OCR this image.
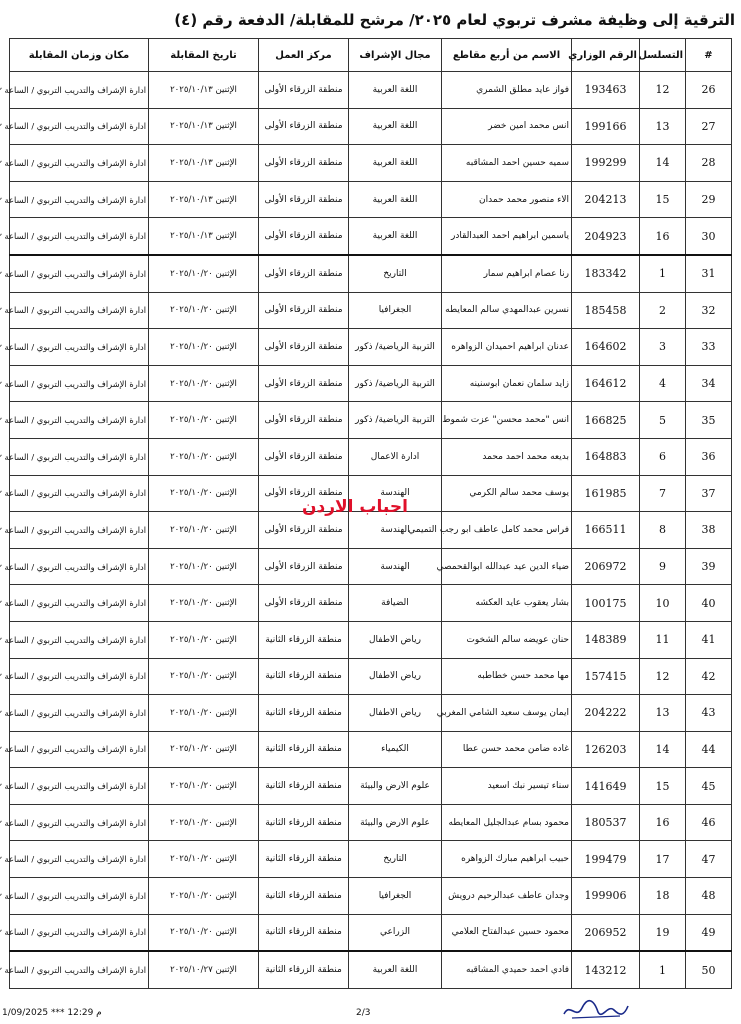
الترقية إلى وظيفة مشرف تربوي لعام ٢٠٢٥/ مرشح للمقابلة/ الدفعة رقم (٤)
#	التسلسل	الرقم الوزاري	الاسم من أربع مقاطع	مجال الإشراف	مركز العمل	تاريخ المقابلة	مكان وزمان المقابلة
26	12	193463	فواز عايد مطلق الشمري	اللغة العربية	منطقة الزرقاء الأولى	الإثنين ٢٠٢٥/١٠/١٣	ادارة الإشراف والتدريب التربوي / الساعة
27	13	199166	انس محمد امين خضر	اللغة العربية	منطقة الزرقاء الأولى	الإثنين ٢٠٢٥/١٠/١٣	ادارة الإشراف والتدريب التربوي / الساعة
28	14	199299	سميه حسين احمد المشاقبه	اللغة العربية	منطقة الزرقاء الأولى	الإثنين ٢٠٢٥/١٠/١٣	ادارة الإشراف والتدريب التربوي / الساعة
29	15	204213	الاء منصور محمد حمدان	اللغة العربية	منطقة الزرقاء الأولى	الإثنين ٢٠٢٥/١٠/١٣	ادارة الإشراف والتدريب التربوي / الساعة
30	16	204923	ياسمين ابراهيم احمد العبدالقادر	اللغة العربية	منطقة الزرقاء الأولى	الإثنين ٢٠٢٥/١٠/١٣	ادارة الإشراف والتدريب التربوي / الساعة
31	1	183342	رنا عصام ابراهيم سمار	التاريخ	منطقة الزرقاء الأولى	الإثنين ٢٠٢٥/١٠/٢٠	ادارة الإشراف والتدريب التربوي / الساعة
32	2	185458	نسرين عبدالمهدي سالم المعايطه	الجغرافيا	منطقة الزرقاء الأولى	الإثنين ٢٠٢٥/١٠/٢٠	ادارة الإشراف والتدريب التربوي / الساعة
33	3	164602	عدنان ابراهيم احميدان الزواهره	التربية الرياضية/ ذكور	منطقة الزرقاء الأولى	الإثنين ٢٠٢٥/١٠/٢٠	ادارة الإشراف والتدريب التربوي / الساعة
34	4	164612	زايد سلمان نعمان ابوسنينه	التربية الرياضية/ ذكور	منطقة الزرقاء الأولى	الإثنين ٢٠٢٥/١٠/٢٠	ادارة الإشراف والتدريب التربوي / الساعة
35	5	166825	انس "محمد محسن" عزت شموط	التربية الرياضية/ ذكور	منطقة الزرقاء الأولى	الإثنين ٢٠٢٥/١٠/٢٠	ادارة الإشراف والتدريب التربوي / الساعة
36	6	164883	بديعه محمد احمد محمد	ادارة الاعمال	منطقة الزرقاء الأولى	الإثنين ٢٠٢٥/١٠/٢٠	ادارة الإشراف والتدريب التربوي / الساعة
37	7	161985	يوسف محمد سالم الكرمي	الهندسة	منطقة الزرقاء الأولى	الإثنين ٢٠٢٥/١٠/٢٠	ادارة الإشراف والتدريب التربوي / الساعة
38	8	166511	فراس محمد كامل عاطف ابو رجب التميمي	الهندسة	منطقة الزرقاء الأولى	الإثنين ٢٠٢٥/١٠/٢٠	ادارة الإشراف والتدريب التربوي / الساعة
39	9	206972	ضياء الدين عيد عبدالله ابوالقحمصي	الهندسة	منطقة الزرقاء الأولى	الإثنين ٢٠٢٥/١٠/٢٠	ادارة الإشراف والتدريب التربوي / الساعة
40	10	100175	بشار يعقوب عايد العكشه	الضيافة	منطقة الزرقاء الأولى	الإثنين ٢٠٢٥/١٠/٢٠	ادارة الإشراف والتدريب التربوي / الساعة
41	11	148389	حنان عويضه سالم الشخوت	رياض الاطفال	منطقة الزرقاء الثانية	الإثنين ٢٠٢٥/١٠/٢٠	ادارة الإشراف والتدريب التربوي / الساعة
42	12	157415	مها محمد حسن خطاطبه	رياض الاطفال	منطقة الزرقاء الثانية	الإثنين ٢٠٢٥/١٠/٢٠	ادارة الإشراف والتدريب التربوي / الساعة
43	13	204222	ايمان يوسف سعيد الشامي المغربي	رياض الاطفال	منطقة الزرقاء الثانية	الإثنين ٢٠٢٥/١٠/٢٠	ادارة الإشراف والتدريب التربوي / الساعة
44	14	126203	غاده ضامن محمد حسن عطا	الكيمياء	منطقة الزرقاء الثانية	الإثنين ٢٠٢٥/١٠/٢٠	ادارة الإشراف والتدريب التربوي / الساعة
45	15	141649	سناء تيسير نبك اسعيد	علوم الارض والبيئة	منطقة الزرقاء الثانية	الإثنين ٢٠٢٥/١٠/٢٠	ادارة الإشراف والتدريب التربوي / الساعة
46	16	180537	محمود بسام عبدالجليل المعايطه	علوم الارض والبيئة	منطقة الزرقاء الثانية	الإثنين ٢٠٢٥/١٠/٢٠	ادارة الإشراف والتدريب التربوي / الساعة
47	17	199479	حبيب ابراهيم مبارك الزواهره	التاريخ	منطقة الزرقاء الثانية	الإثنين ٢٠٢٥/١٠/٢٠	ادارة الإشراف والتدريب التربوي / الساعة
48	18	199906	وجدان عاطف عبدالرحيم درويش	الجغرافيا	منطقة الزرقاء الثانية	الإثنين ٢٠٢٥/١٠/٢٠	ادارة الإشراف والتدريب التربوي / الساعة
49	19	206952	محمود حسين عبدالفتاح العلامي	الزراعي	منطقة الزرقاء الثانية	الإثنين ٢٠٢٥/١٠/٢٠	ادارة الإشراف والتدريب التربوي / الساعة
50	1	143212	فادي احمد حميدي المشاقبه	اللغة العربية	منطقة الزرقاء الثانية	الإثنين ٢٠٢٥/١٠/٢٧	ادارة الإشراف والتدريب التربوي / الساعة
احباب الاردن
1/09/2025 *** 12:29 م	2/3
